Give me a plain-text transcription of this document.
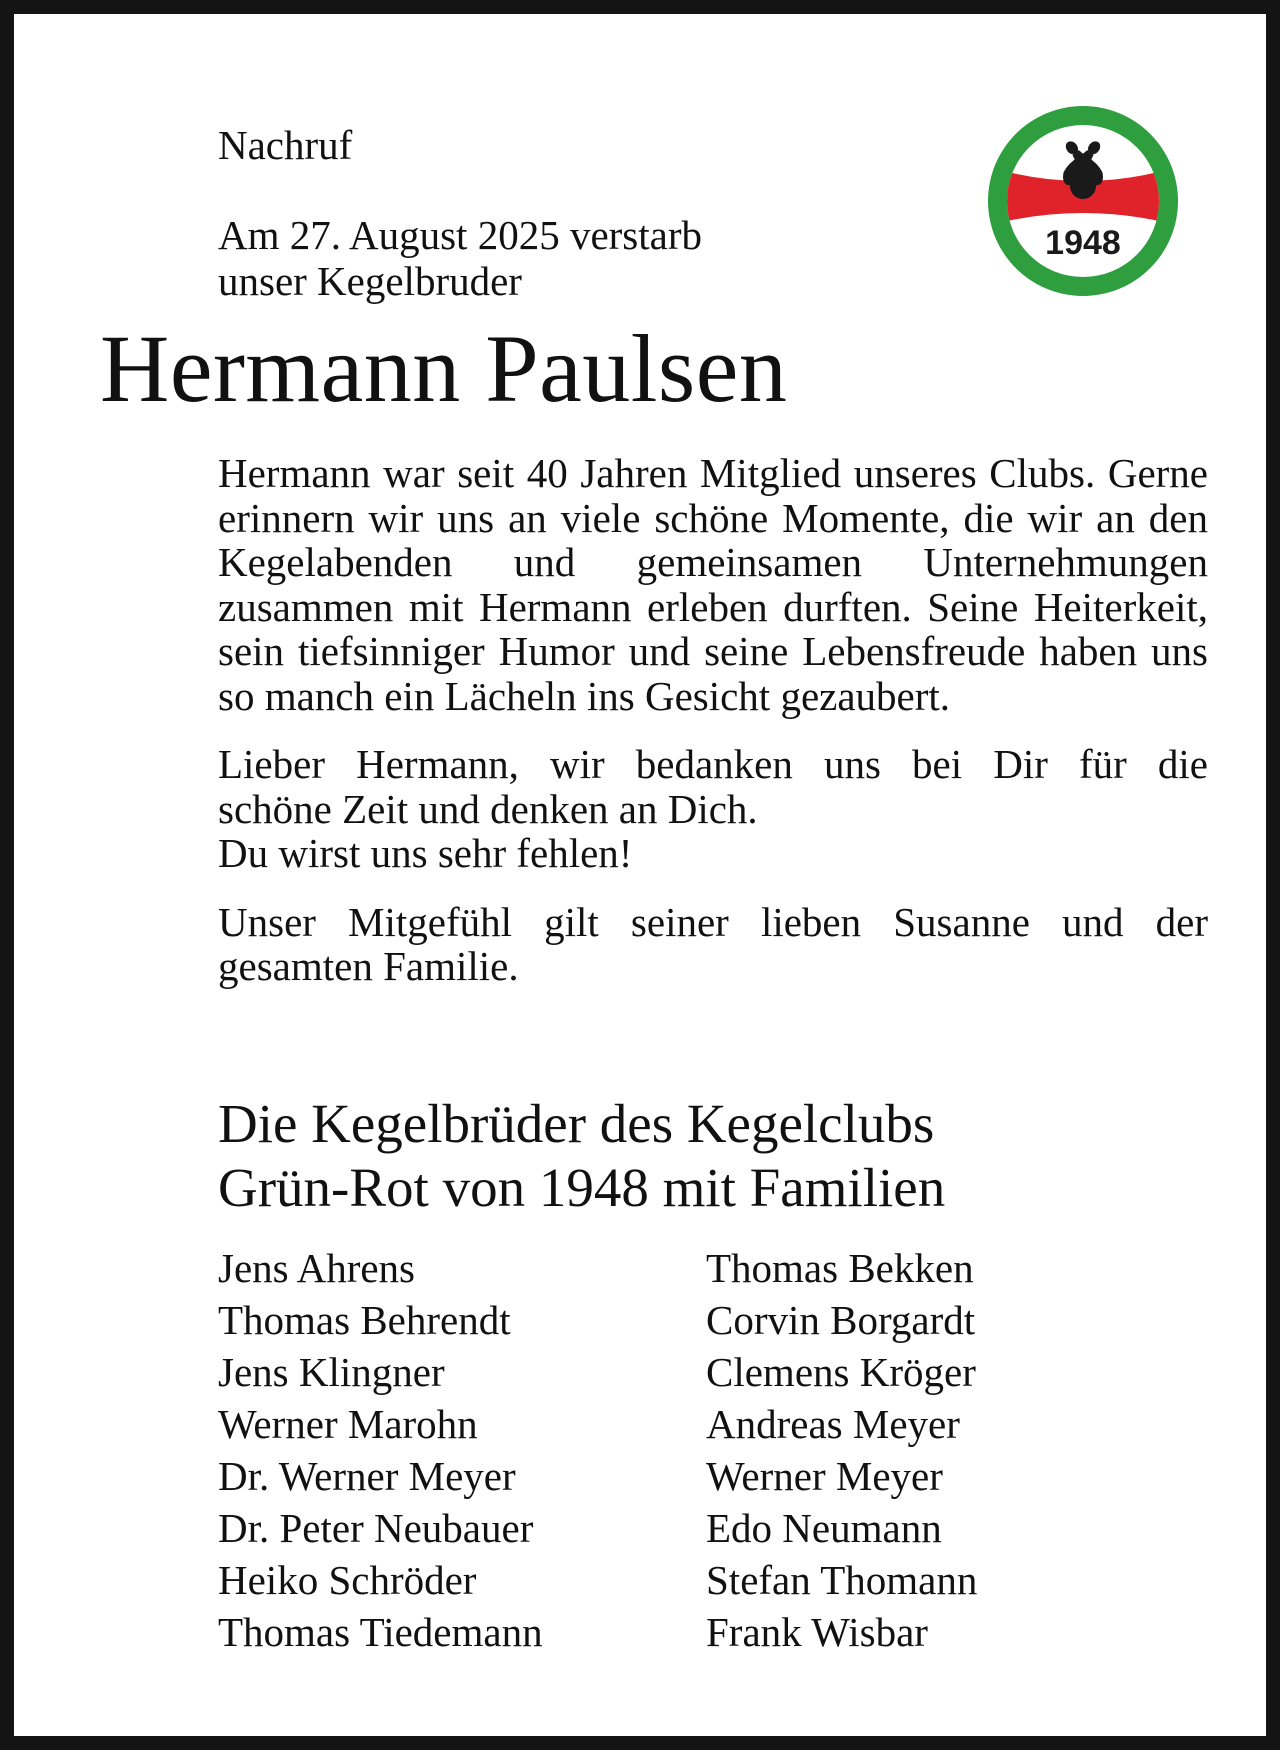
Nachruf
Am 27. August 2025 verstarb
unser Kegelbruder
Hermann Paulsen

Hermann war seit 40 Jahren Mitglied unseres Clubs. Gerne erinnern wir uns an viele schöne Momente, die wir an den Kegelabenden und gemeinsamen Unternehmungen zusammen mit Hermann erleben durften. Seine Heiterkeit, sein tiefsinniger Humor und seine Lebensfreude haben uns so manch ein Lächeln ins Gesicht gezaubert.

Lieber Hermann, wir bedanken uns bei Dir für die
schöne Zeit und denken an Dich.
Du wirst uns sehr fehlen!

Unser Mitgefühl gilt seiner lieben Susanne und der gesamten Familie.

Die Kegelbrüder des Kegelclubs
Grün-Rot von 1948 mit Familien
Jens Ahrens
Thomas Behrendt
Jens Klingner
Werner Marohn
Dr. Werner Meyer
Dr. Peter Neubauer
Heiko Schröder
Thomas Tiedemann
Thomas Bekken
Corvin Borgardt
Clemens Kröger
Andreas Meyer
Werner Meyer
Edo Neumann
Stefan Thomann
Frank Wisbar
1948
